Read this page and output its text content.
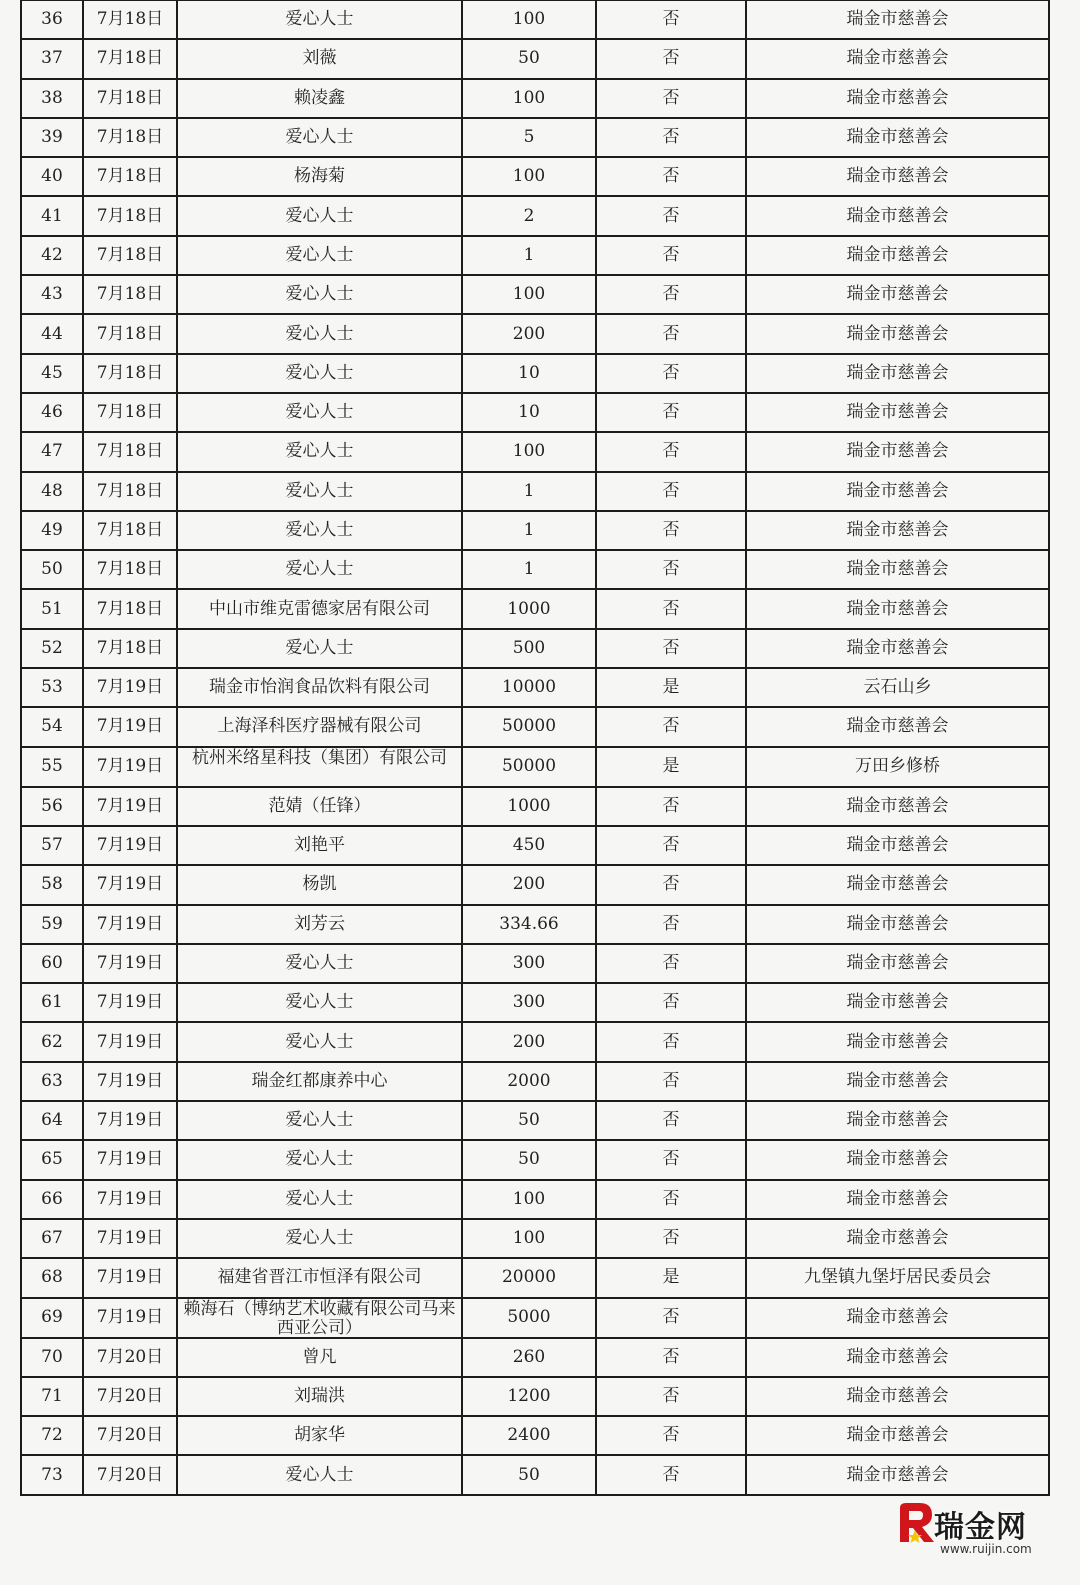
36	7月18日	爱心人士	100	否	瑞金市慈善会
37	7月18日	刘薇	50	否	瑞金市慈善会
38	7月18日	赖凌鑫	100	否	瑞金市慈善会
39	7月18日	爱心人士	5	否	瑞金市慈善会
40	7月18日	杨海菊	100	否	瑞金市慈善会
41	7月18日	爱心人士	2	否	瑞金市慈善会
42	7月18日	爱心人士	1	否	瑞金市慈善会
43	7月18日	爱心人士	100	否	瑞金市慈善会
44	7月18日	爱心人士	200	否	瑞金市慈善会
45	7月18日	爱心人士	10	否	瑞金市慈善会
46	7月18日	爱心人士	10	否	瑞金市慈善会
47	7月18日	爱心人士	100	否	瑞金市慈善会
48	7月18日	爱心人士	1	否	瑞金市慈善会
49	7月18日	爱心人士	1	否	瑞金市慈善会
50	7月18日	爱心人士	1	否	瑞金市慈善会
51	7月18日	中山市维克雷德家居有限公司	1000	否	瑞金市慈善会
52	7月18日	爱心人士	500	否	瑞金市慈善会
53	7月19日	瑞金市怡润食品饮料有限公司	10000	是	云石山乡
54	7月19日	上海泽科医疗器械有限公司	50000	否	瑞金市慈善会
55	7月19日	杭州米络星科技（集团）有限公司	50000	是	万田乡修桥
56	7月19日	范婧（任锋）	1000	否	瑞金市慈善会
57	7月19日	刘艳平	450	否	瑞金市慈善会
58	7月19日	杨凯	200	否	瑞金市慈善会
59	7月19日	刘芳云	334.66	否	瑞金市慈善会
60	7月19日	爱心人士	300	否	瑞金市慈善会
61	7月19日	爱心人士	300	否	瑞金市慈善会
62	7月19日	爱心人士	200	否	瑞金市慈善会
63	7月19日	瑞金红都康养中心	2000	否	瑞金市慈善会
64	7月19日	爱心人士	50	否	瑞金市慈善会
65	7月19日	爱心人士	50	否	瑞金市慈善会
66	7月19日	爱心人士	100	否	瑞金市慈善会
67	7月19日	爱心人士	100	否	瑞金市慈善会
68	7月19日	福建省晋江市恒泽有限公司	20000	是	九堡镇九堡圩居民委员会
69	7月19日	赖海石（博纳艺术收藏有限公司马来西亚公司）	5000	否	瑞金市慈善会
70	7月20日	曾凡	260	否	瑞金市慈善会
71	7月20日	刘瑞洪	1200	否	瑞金市慈善会
72	7月20日	胡家华	2400	否	瑞金市慈善会
73	7月20日	爱心人士	50	否	瑞金市慈善会
瑞金网
www.ruijin.com
